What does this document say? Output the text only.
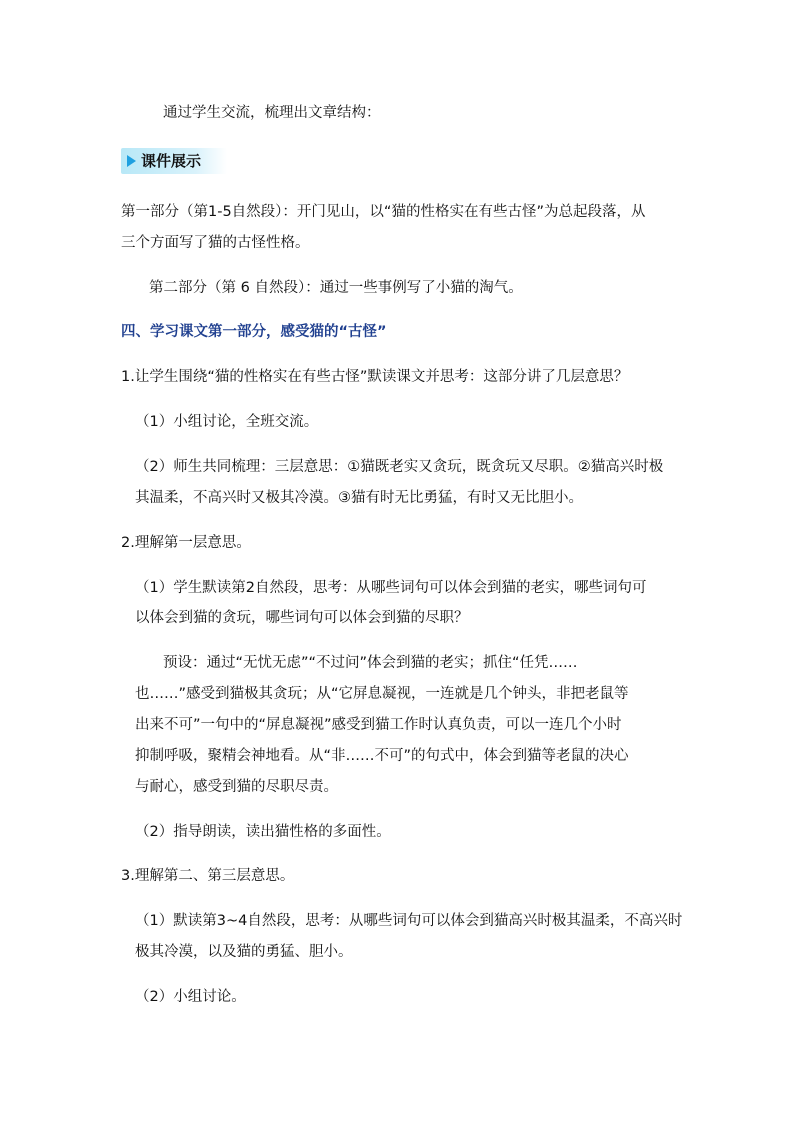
通过学生交流，梳理出文章结构：
课件展示
第一部分（第1-5自然段）：开门见山，以“猫的性格实在有些古怪”为总起段落，从
三个方面写了猫的古怪性格。
第二部分（第 6 自然段）：通过一些事例写了小猫的淘气。
四、学习课文第一部分，感受猫的“古怪”
1.让学生围绕“猫的性格实在有些古怪”默读课文并思考：这部分讲了几层意思？
（1）小组讨论，全班交流。
（2）师生共同梳理：三层意思：①猫既老实又贪玩，既贪玩又尽职。②猫高兴时极
其温柔，不高兴时又极其冷漠。③猫有时无比勇猛，有时又无比胆小。
2.理解第一层意思。
（1）学生默读第2自然段，思考：从哪些词句可以体会到猫的老实，哪些词句可
以体会到猫的贪玩，哪些词句可以体会到猫的尽职？
预设：通过“无忧无虑”“不过问”体会到猫的老实；抓住“任凭……
也……”感受到猫极其贪玩；从“它屏息凝视，一连就是几个钟头，非把老鼠等
出来不可”一句中的“屏息凝视”感受到猫工作时认真负责，可以一连几个小时
抑制呼吸，聚精会神地看。从“非……不可”的句式中，体会到猫等老鼠的决心
与耐心，感受到猫的尽职尽责。
（2）指导朗读，读出猫性格的多面性。
3.理解第二、第三层意思。
（1）默读第3~4自然段，思考：从哪些词句可以体会到猫高兴时极其温柔，不高兴时
极其冷漠，以及猫的勇猛、胆小。
（2）小组讨论。
